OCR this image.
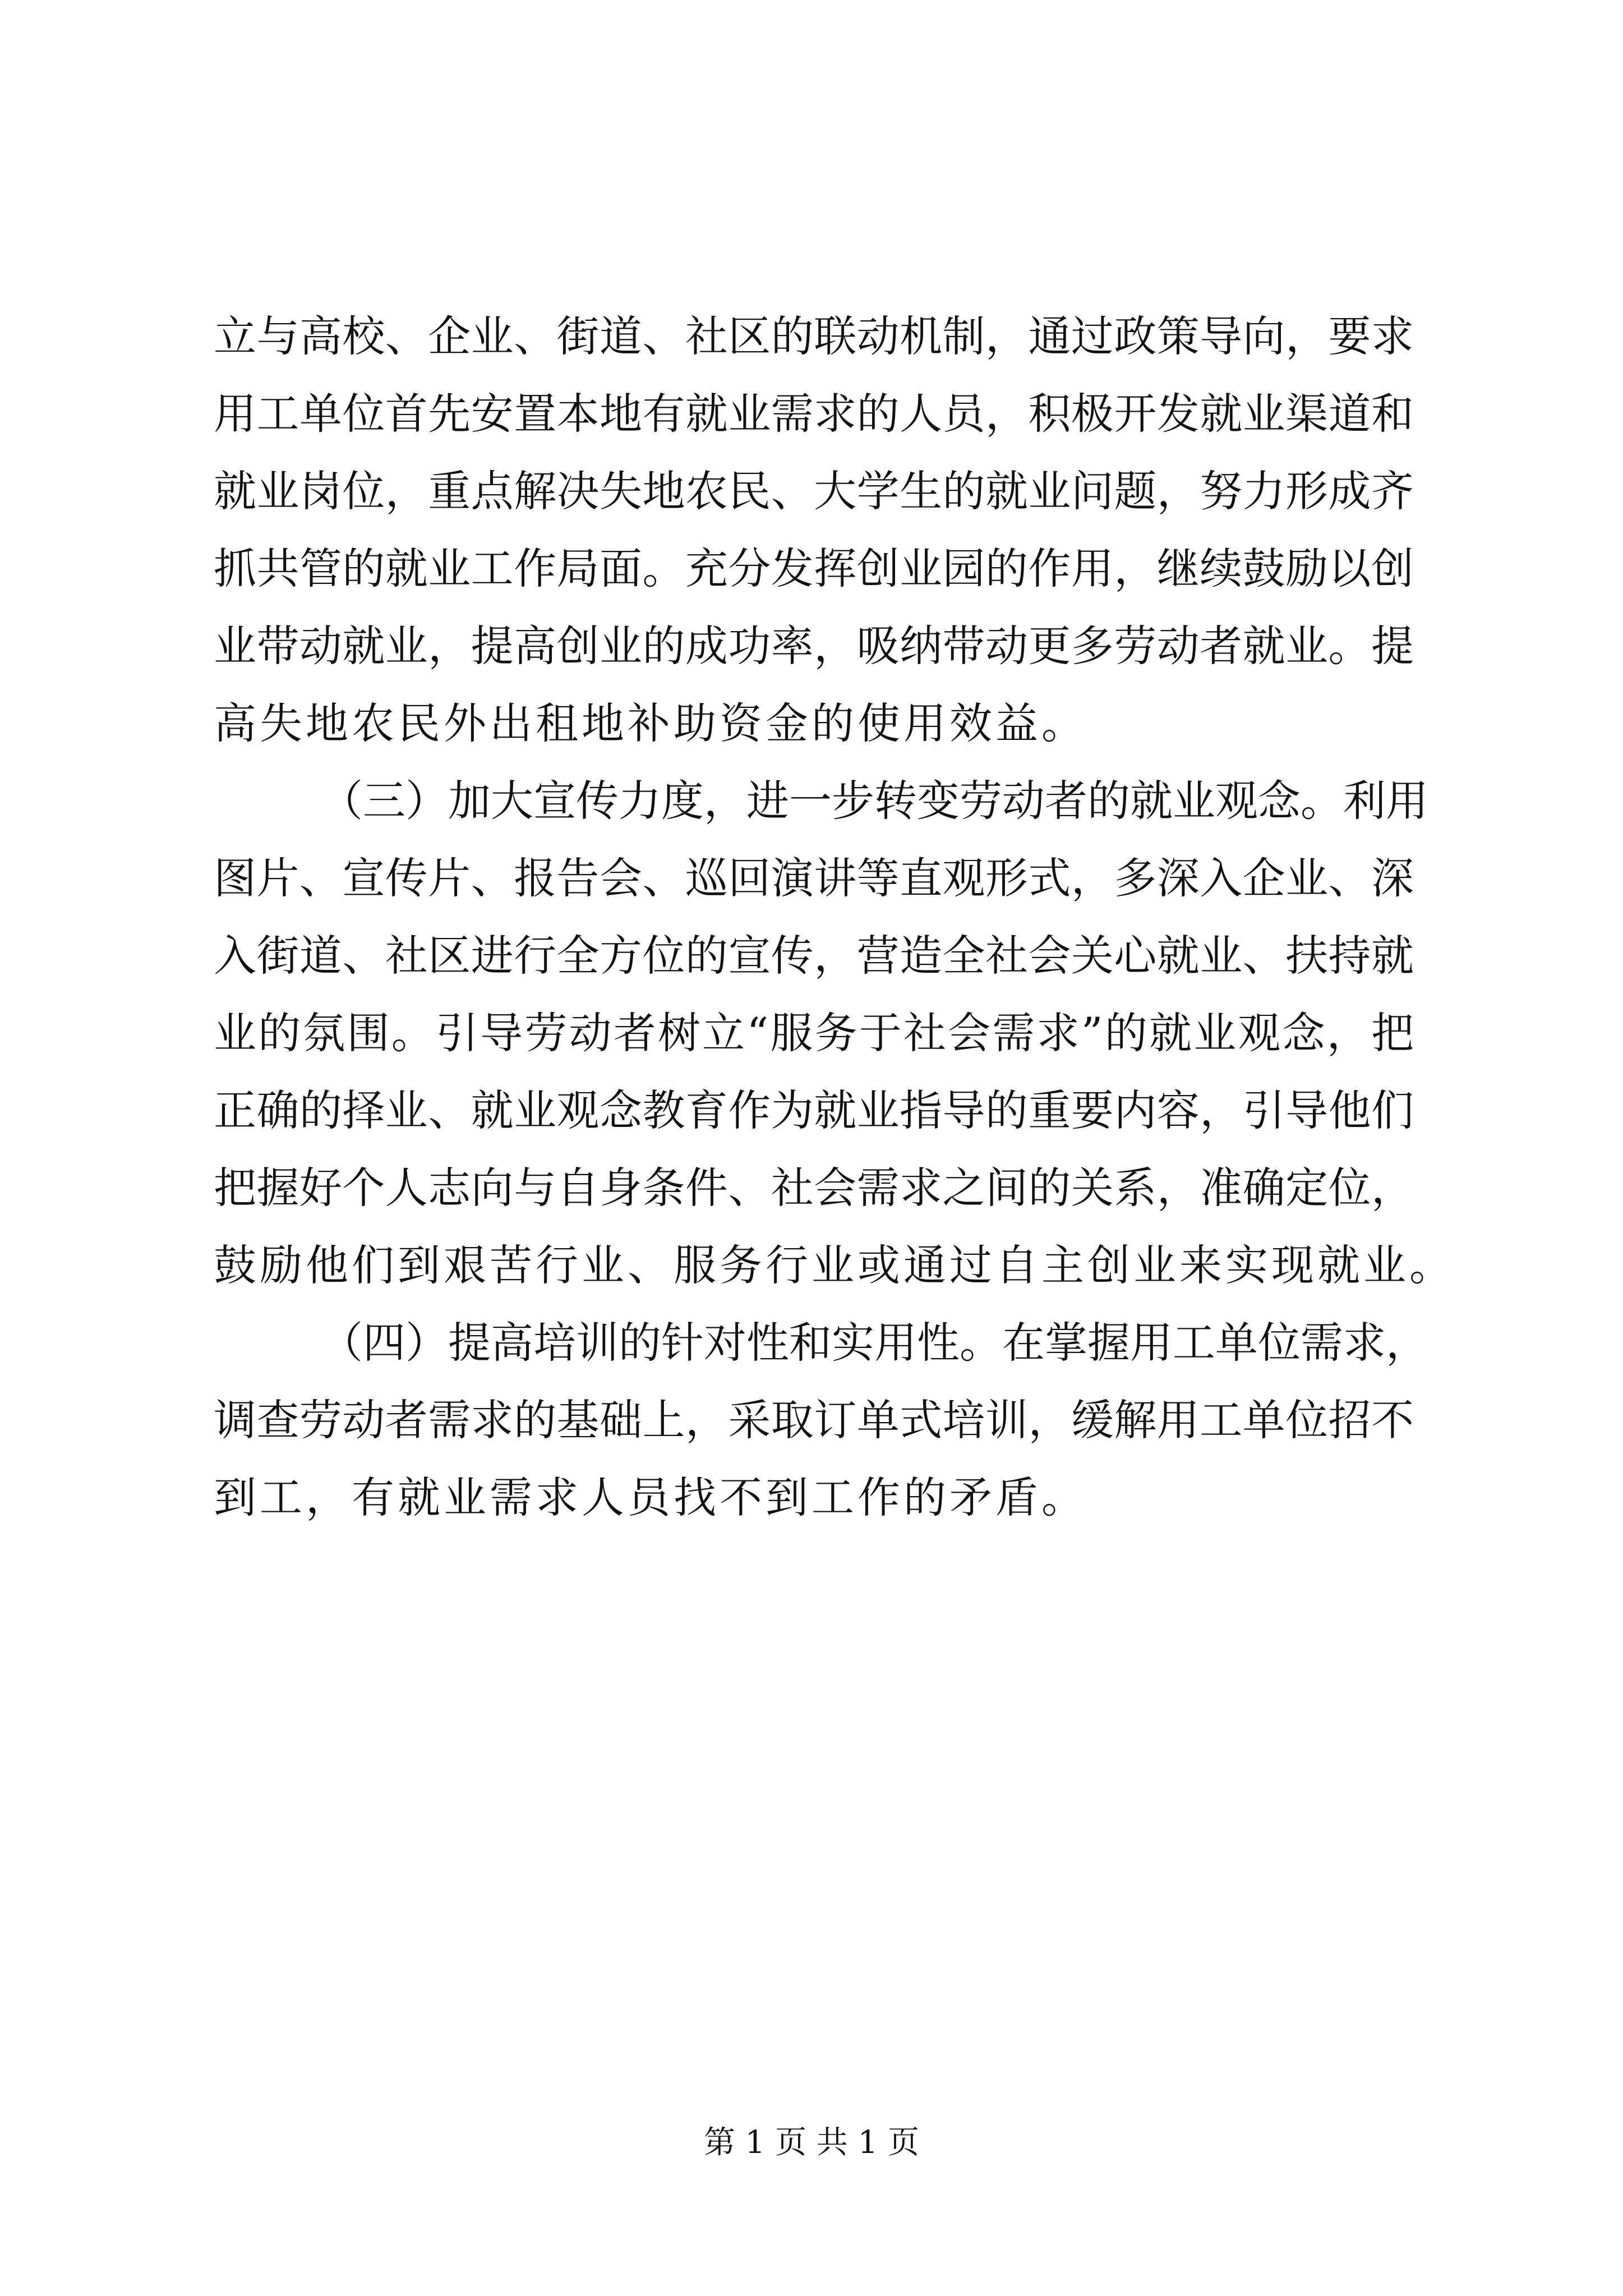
立与高校、企业、街道、社区的联动机制，通过政策导向，要求
用工单位首先安置本地有就业需求的人员，积极开发就业渠道和
就业岗位，重点解决失地农民、大学生的就业问题，努力形成齐
抓共管的就业工作局面。充分发挥创业园的作用，继续鼓励以创
业带动就业，提高创业的成功率，吸纳带动更多劳动者就业。提
高失地农民外出租地补助资金的使用效益。
（三）加大宣传力度，进一步转变劳动者的就业观念。利用
图片、宣传片、报告会、巡回演讲等直观形式，多深入企业、深
入街道、社区进行全方位的宣传，营造全社会关心就业、扶持就
业的氛围。引导劳动者树立“服务于社会需求”的就业观念，把
正确的择业、就业观念教育作为就业指导的重要内容，引导他们
把握好个人志向与自身条件、社会需求之间的关系，准确定位，
鼓励他们到艰苦行业、服务行业或通过自主创业来实现就业。
（四）提高培训的针对性和实用性。在掌握用工单位需求，
调查劳动者需求的基础上，采取订单式培训，缓解用工单位招不
到工，有就业需求人员找不到工作的矛盾。
第 1 页 共 1 页
